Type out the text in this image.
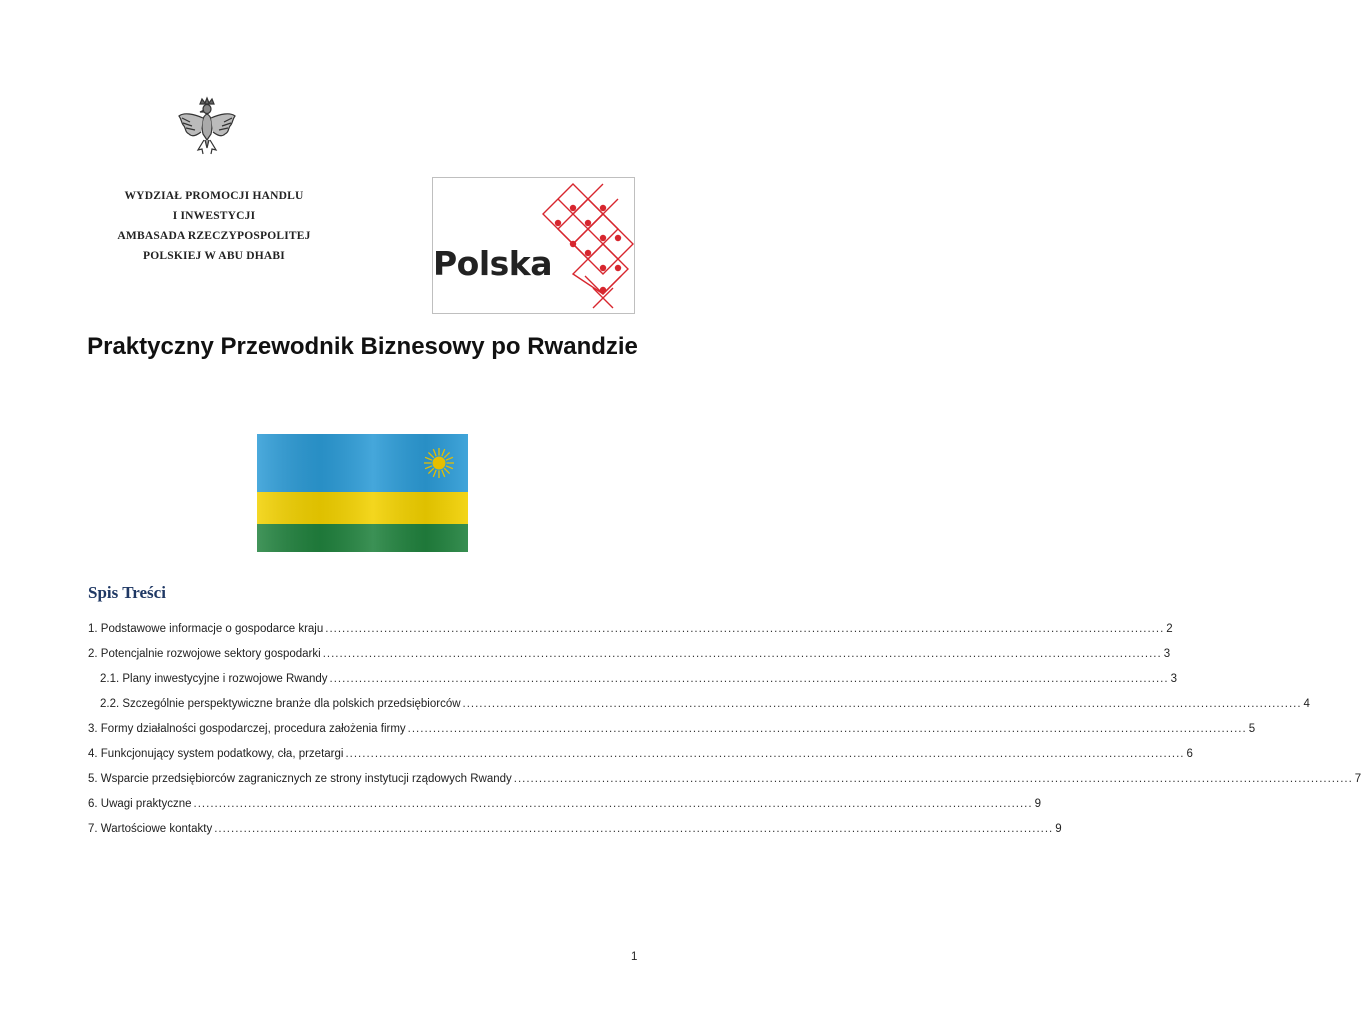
WYDZIAŁ PROMOCJI HANDLU
I INWESTYCJI
AMBASADA RZECZYPOSPOLITEJ
POLSKIEJ W ABU DHABI	Polska
Praktyczny Przewodnik Biznesowy po Rwandzie
Spis Treści
1. Podstawowe informacje o gospodarce kraju ........................................................................................................................................................................................................ 2
2. Potencjalnie rozwojowe sektory gospodarki ........................................................................................................................................................................................................ 3
2.1. Plany inwestycyjne i rozwojowe Rwandy ........................................................................................................................................................................................................ 3
2.2. Szczególnie perspektywiczne branże dla polskich przedsiębiorców ........................................................................................................................................................................................................ 4
3. Formy działalności gospodarczej, procedura założenia firmy ........................................................................................................................................................................................................ 5
4. Funkcjonujący system podatkowy, cła, przetargi ........................................................................................................................................................................................................ 6
5. Wsparcie przedsiębiorców zagranicznych ze strony instytucji rządowych Rwandy ........................................................................................................................................................................................................ 7
6. Uwagi praktyczne ........................................................................................................................................................................................................ 9
7. Wartościowe kontakty ........................................................................................................................................................................................................ 9
1
